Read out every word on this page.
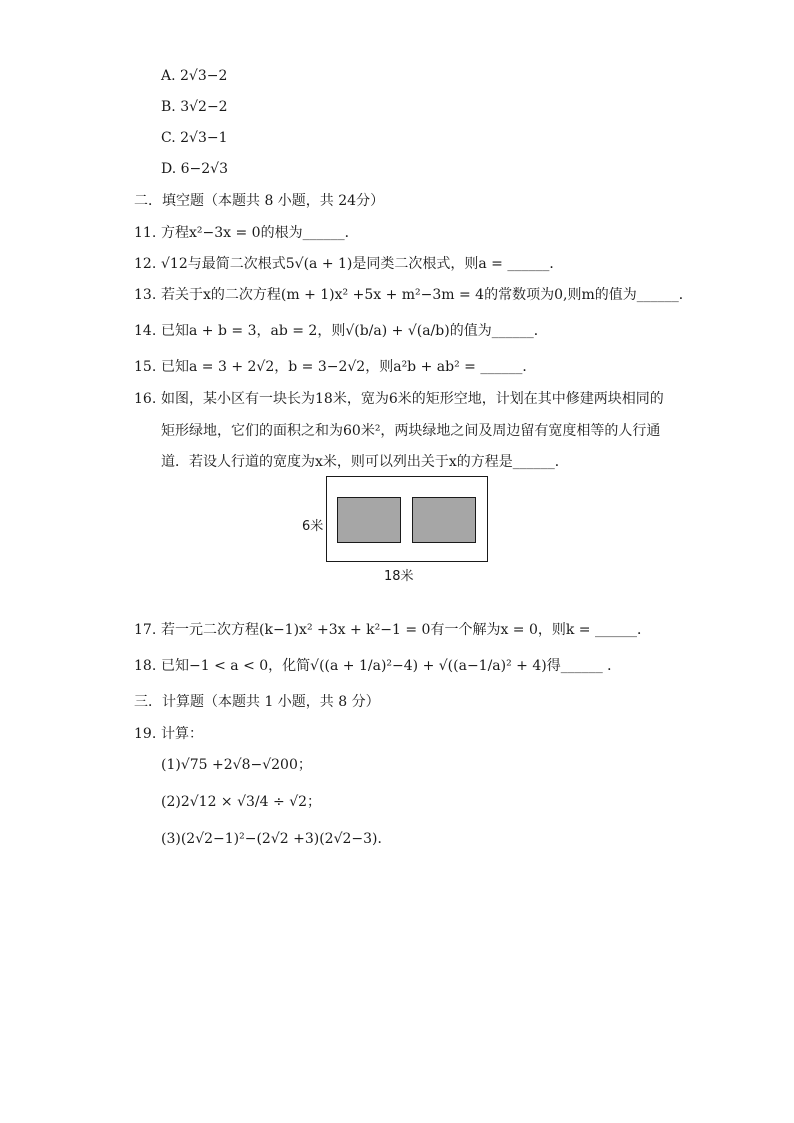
A. 2√3−2
B. 3√2−2
C. 2√3−1
D. 6−2√3
二．填空题（本题共 8 小题，共 24分）
11. 方程x²−3x = 0的根为______．
12. √12与最简二次根式5√(a + 1)是同类二次根式，则a = ______．
13. 若关于x的二次方程(m + 1)x² +5x + m²−3m = 4的常数项为0,则m的值为______．
14. 已知a + b = 3，ab = 2，则√(b/a) + √(a/b)的值为______．
15. 已知a = 3 + 2√2，b = 3−2√2，则a²b + ab² = ______．
16. 如图，某小区有一块长为18米，宽为6米的矩形空地，计划在其中修建两块相同的
矩形绿地，它们的面积之和为60米²，两块绿地之间及周边留有宽度相等的人行通
道．若设人行道的宽度为x米，则可以列出关于x的方程是______．
6米
18米
17. 若一元二次方程(k−1)x² +3x + k²−1 = 0有一个解为x = 0，则k = ______．
18. 已知−1 < a < 0，化简√((a + 1/a)²−4) + √((a−1/a)² + 4)得______ ．
三．计算题（本题共 1 小题，共 8 分）
19. 计算：
(1)√75 +2√8−√200；
(2)2√12 × √3/4 ÷ √2；
(3)(2√2−1)²−(2√2 +3)(2√2−3)．
